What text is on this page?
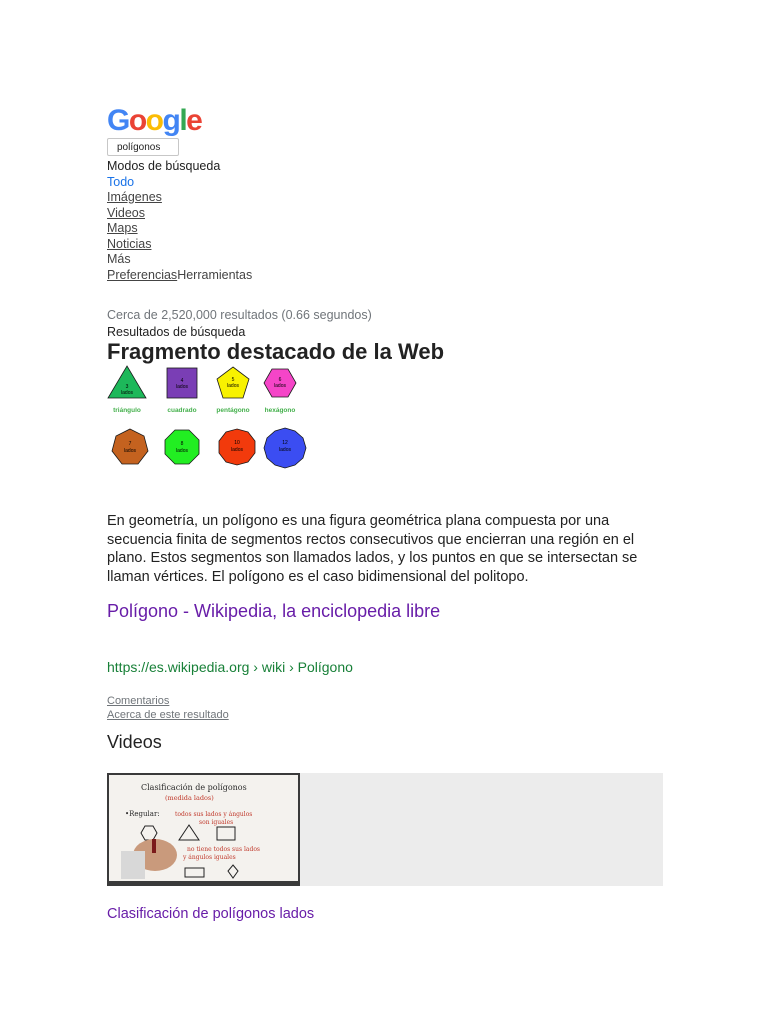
Google
polígonos
Modos de búsqueda
Todo
Imágenes
Videos
Maps
Noticias
Más
PreferenciasHerramientas
Cerca de 2,520,000 resultados (0.66 segundos)
Resultados de búsqueda
Fragmento destacado de la Web
3
lados
triángulo
4
lados
cuadrado
5
lados
pentágono
6
lados
hexágono
7
lados
8
lados
10
lados
12
lados
En geometría, un polígono es una figura geométrica plana compuesta por una secuencia finita de segmentos rectos consecutivos que encierran una región en el plano. Estos segmentos son llamados lados, y los puntos en que se intersectan se llaman vértices. El polígono es el caso bidimensional del politopo.
Polígono - Wikipedia, la enciclopedia libre
https://es.wikipedia.org › wiki › Polígono
Comentarios
Acerca de este resultado
Videos
Clasificación de polígonos
(medida lados)
•Regular:	todos sus lados y ángulos
son iguales
no tiene todos sus lados
y ángulos iguales
Clasificación de polígonos lados
